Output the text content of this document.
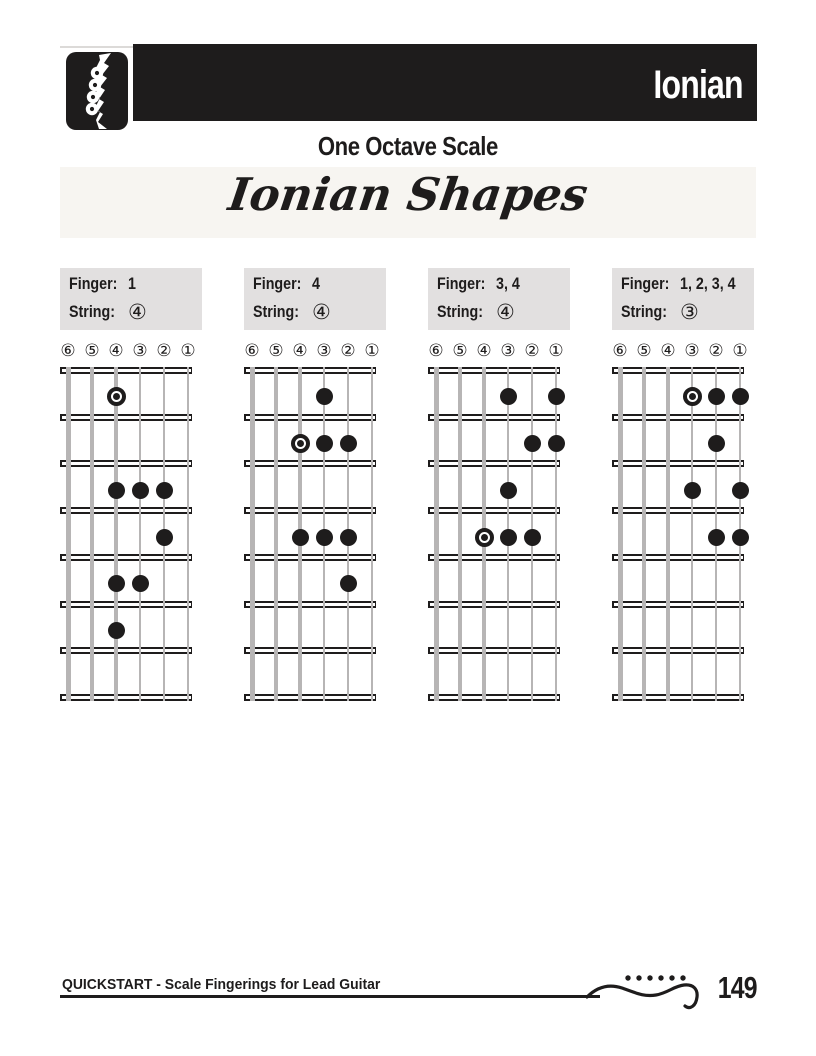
Ionian
One Octave Scale
Ionian Shapes
Finger: 1
String: ④
⑥ ⑤ ④ ③ ② ①
Finger: 4
String: ④
⑥ ⑤ ④ ③ ② ①
Finger: 3, 4
String: ④
⑥ ⑤ ④ ③ ② ①
Finger: 1, 2, 3, 4
String: ③
⑥ ⑤ ④ ③ ② ①
QUICKSTART - Scale Fingerings for Lead Guitar	149
